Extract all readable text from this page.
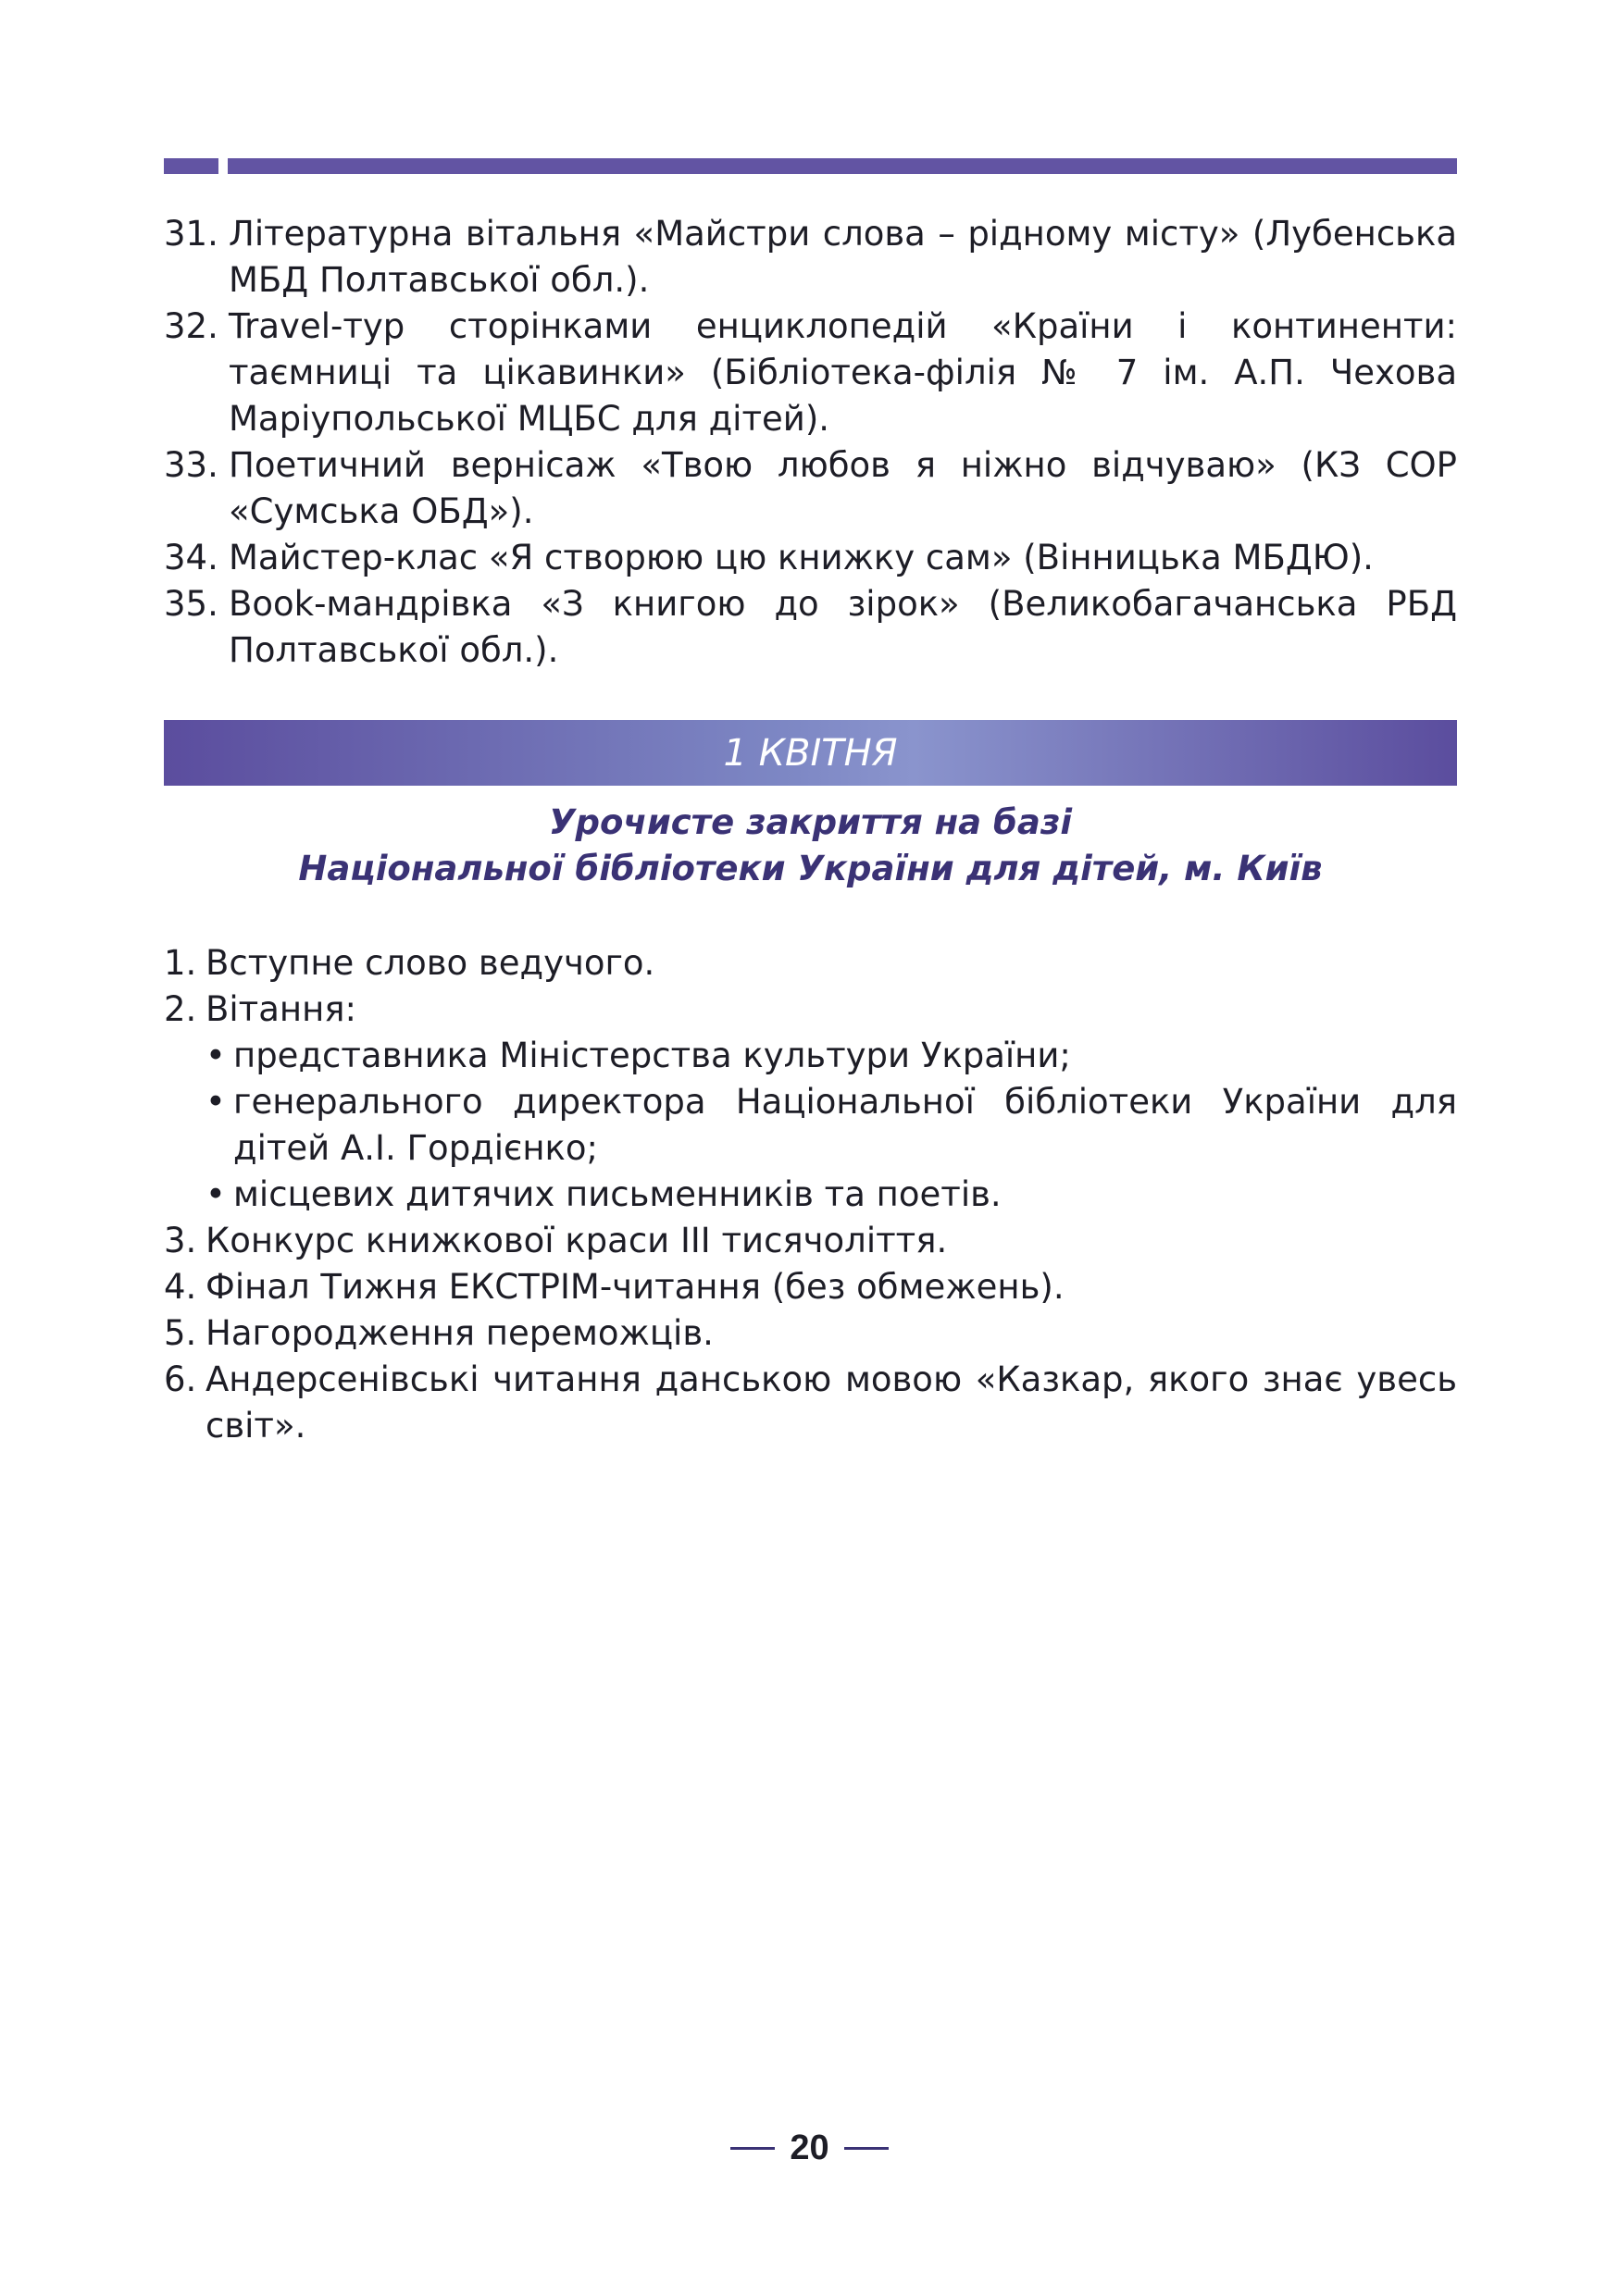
31. Літературна вітальня «Майстри слова – рідному місту» (Лубенська МБД Полтавської обл.).
32. Travel-тур сторінками енциклопедій «Країни і континенти: таємниці та цікавинки» (Бібліотека-філія № 7 ім. А.П. Чехова Маріупольської МЦБС для дітей).
33. Поетичний вернісаж «Твою любов я ніжно відчуваю» (КЗ СОР «Сумська ОБД»).
34. Майстер-клас «Я створюю цю книжку сам» (Вінницька МБДЮ).
35. Book-мандрівка «З книгою до зірок» (Великобагачанська РБД Полтавської обл.).
1 КВІТНЯ
Урочисте закриття на базі
Національної бібліотеки України для дітей, м. Київ
1. Вступне слово ведучого.
2. Вітання:
• представника Міністерства культури України;
• генерального директора Національної бібліотеки України для дітей А.І. Гордієнко;
• місцевих дитячих письменників та поетів.
3. Конкурс книжкової краси ІІІ тисячоліття.
4. Фінал Тижня ЕКСТРІМ-читання (без обмежень).
5. Нагородження переможців.
6. Андерсенівські читання данською мовою «Казкар, якого знає увесь світ».
20
